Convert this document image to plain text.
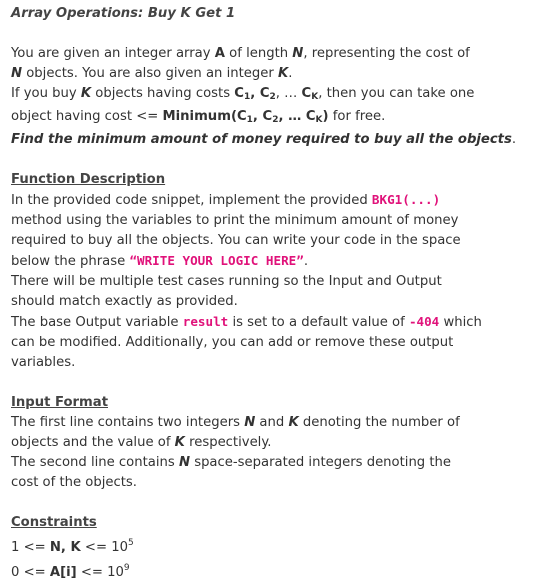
Array Operations: Buy K Get 1
You are given an integer array A of length N, representing the cost of
N objects. You are also given an integer K.
If you buy K objects having costs $C_1$, $C_2$, … $C_K$, then you can take one
object having $\cos t <= Minimum(C_1$, $C_2$, … $C_K$) for free.
Find the minimum amount of money required to buy all the objects.
Function Description
In the provided code snippet, implement the provided BKG1(...)
method using the variables to print the minimum amount of money
required to buy all the objects. You can write your code in the space
below the phrase “WRITE YOUR LOGIC HERE”.
There will be multiple test cases running so the Input and Output
should match exactly as provided.
The base Output variable result is set to a default value of -404 which
can be modified. Additionally, you can add or remove these output
variables.
Input Format
The first line contains two integers N and K denoting the number of
objects and the value of K respectively.
The second line contains N space-separated integers denoting the
cost of the objects.
Constraints
1 <= N, $K <= 10^5$
$0 <= A[i] <= 10^9$
